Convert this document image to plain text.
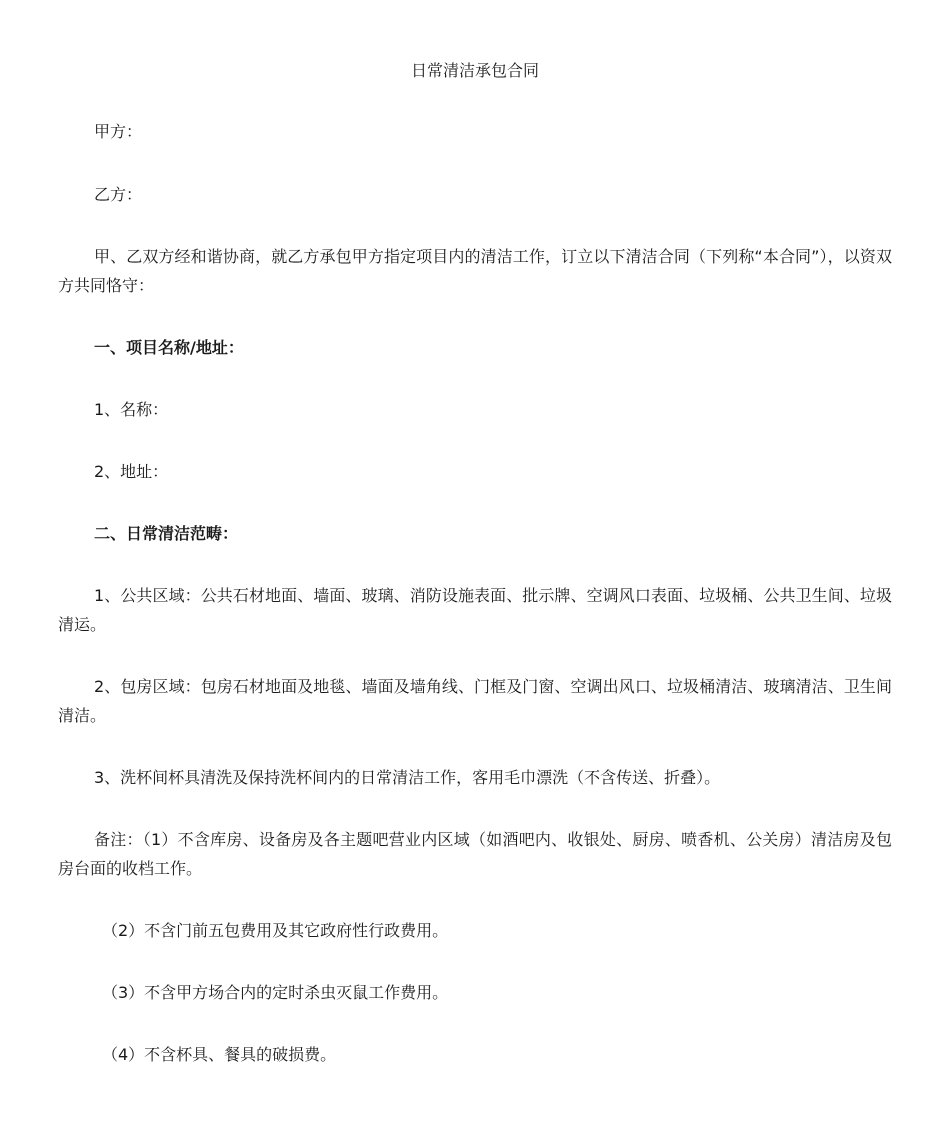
日常清洁承包合同

甲方：

乙方：

甲、乙双方经和谐协商，就乙方承包甲方指定项目内的清洁工作，订立以下清洁合同（下列称“本合同”），以资双方共同恪守：

一、项目名称/地址：

1、名称：

2、地址：

二、日常清洁范畴：

1、公共区域：公共石材地面、墙面、玻璃、消防设施表面、批示牌、空调风口表面、垃圾桶、公共卫生间、垃圾清运。

2、包房区域：包房石材地面及地毯、墙面及墙角线、门框及门窗、空调出风口、垃圾桶清洁、玻璃清洁、卫生间清洁。

3、洗杯间杯具清洗及保持洗杯间内的日常清洁工作，客用毛巾漂洗（不含传送、折叠）。

备注：（1）不含库房、设备房及各主题吧营业内区域（如酒吧内、收银处、厨房、喷香机、公关房）清洁房及包房台面的收档工作。

（2）不含门前五包费用及其它政府性行政费用。

（3）不含甲方场合内的定时杀虫灭鼠工作费用。

（4）不含杯具、餐具的破损费。
